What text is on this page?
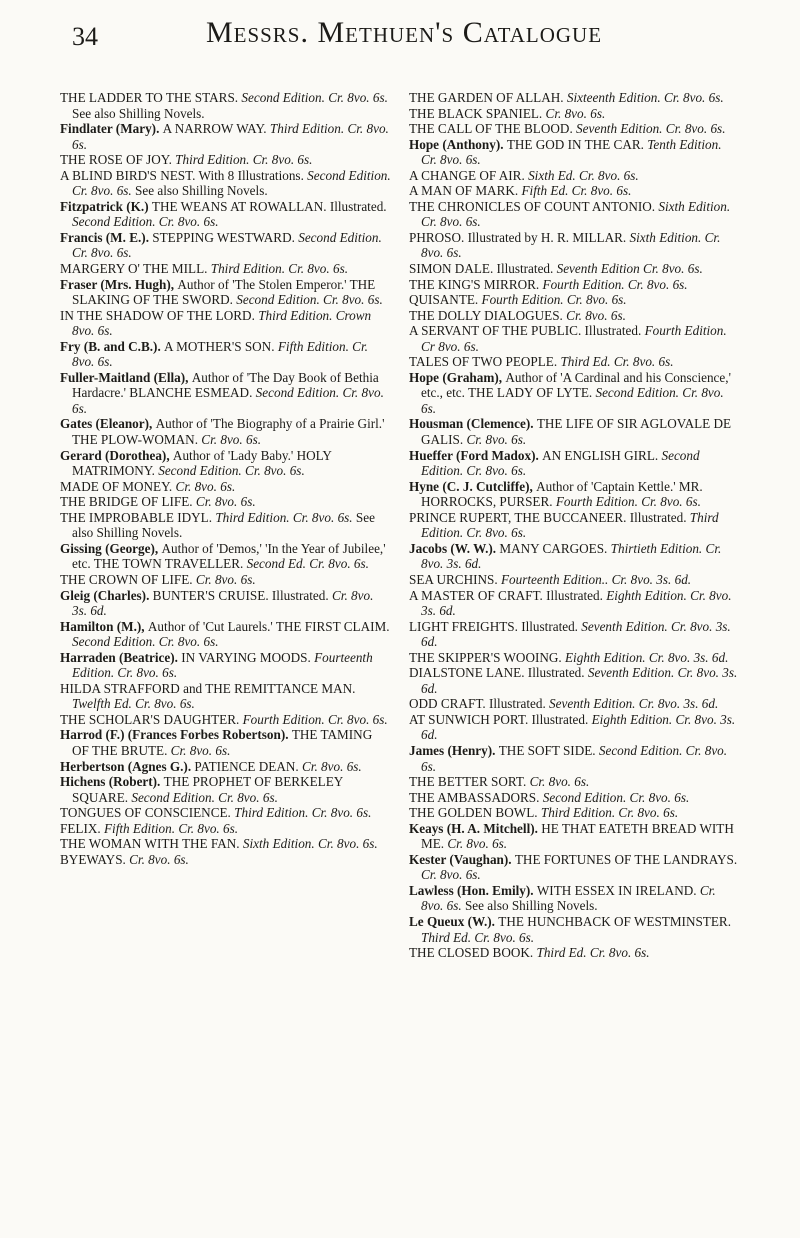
34	Messrs. Methuen's Catalogue

THE LADDER TO THE STARS. Second Edition. Cr. 8vo. 6s. See also Shilling Novels.

Findlater (Mary). A NARROW WAY. Third Edition. Cr. 8vo. 6s.

THE ROSE OF JOY. Third Edition. Cr. 8vo. 6s.

A BLIND BIRD'S NEST. With 8 Illustrations. Second Edition. Cr. 8vo. 6s. See also Shilling Novels.

Fitzpatrick (K.) THE WEANS AT ROWALLAN. Illustrated. Second Edition. Cr. 8vo. 6s.

Francis (M. E.). STEPPING WESTWARD. Second Edition. Cr. 8vo. 6s.

MARGERY O' THE MILL. Third Edition. Cr. 8vo. 6s.

Fraser (Mrs. Hugh), Author of 'The Stolen Emperor.' THE SLAKING OF THE SWORD. Second Edition. Cr. 8vo. 6s.

IN THE SHADOW OF THE LORD. Third Edition. Crown 8vo. 6s.

Fry (B. and C.B.). A MOTHER'S SON. Fifth Edition. Cr. 8vo. 6s.

Fuller-Maitland (Ella), Author of 'The Day Book of Bethia Hardacre.' BLANCHE ESMEAD. Second Edition. Cr. 8vo. 6s.

Gates (Eleanor), Author of 'The Biography of a Prairie Girl.' THE PLOW-WOMAN. Cr. 8vo. 6s.

Gerard (Dorothea), Author of 'Lady Baby.' HOLY MATRIMONY. Second Edition. Cr. 8vo. 6s.

MADE OF MONEY. Cr. 8vo. 6s.

THE BRIDGE OF LIFE. Cr. 8vo. 6s.

THE IMPROBABLE IDYL. Third Edition. Cr. 8vo. 6s. See also Shilling Novels.

Gissing (George), Author of 'Demos,' 'In the Year of Jubilee,' etc. THE TOWN TRAVELLER. Second Ed. Cr. 8vo. 6s.

THE CROWN OF LIFE. Cr. 8vo. 6s.

Gleig (Charles). BUNTER'S CRUISE. Illustrated. Cr. 8vo. 3s. 6d.

Hamilton (M.), Author of 'Cut Laurels.' THE FIRST CLAIM. Second Edition. Cr. 8vo. 6s.

Harraden (Beatrice). IN VARYING MOODS. Fourteenth Edition. Cr. 8vo. 6s.

HILDA STRAFFORD and THE REMITTANCE MAN. Twelfth Ed. Cr. 8vo. 6s.

THE SCHOLAR'S DAUGHTER. Fourth Edition. Cr. 8vo. 6s.

Harrod (F.) (Frances Forbes Robertson). THE TAMING OF THE BRUTE. Cr. 8vo. 6s.

Herbertson (Agnes G.). PATIENCE DEAN. Cr. 8vo. 6s.

Hichens (Robert). THE PROPHET OF BERKELEY SQUARE. Second Edition. Cr. 8vo. 6s.

TONGUES OF CONSCIENCE. Third Edition. Cr. 8vo. 6s.

FELIX. Fifth Edition. Cr. 8vo. 6s.

THE WOMAN WITH THE FAN. Sixth Edition. Cr. 8vo. 6s.

BYEWAYS. Cr. 8vo. 6s.

THE GARDEN OF ALLAH. Sixteenth Edition. Cr. 8vo. 6s.

THE BLACK SPANIEL. Cr. 8vo. 6s.

THE CALL OF THE BLOOD. Seventh Edition. Cr. 8vo. 6s.

Hope (Anthony). THE GOD IN THE CAR. Tenth Edition. Cr. 8vo. 6s.

A CHANGE OF AIR. Sixth Ed. Cr. 8vo. 6s.

A MAN OF MARK. Fifth Ed. Cr. 8vo. 6s.

THE CHRONICLES OF COUNT ANTONIO. Sixth Edition. Cr. 8vo. 6s.

PHROSO. Illustrated by H. R. MILLAR. Sixth Edition. Cr. 8vo. 6s.

SIMON DALE. Illustrated. Seventh Edition Cr. 8vo. 6s.

THE KING'S MIRROR. Fourth Edition. Cr. 8vo. 6s.

QUISANTE. Fourth Edition. Cr. 8vo. 6s.

THE DOLLY DIALOGUES. Cr. 8vo. 6s.

A SERVANT OF THE PUBLIC. Illustrated. Fourth Edition. Cr 8vo. 6s.

TALES OF TWO PEOPLE. Third Ed. Cr. 8vo. 6s.

Hope (Graham), Author of 'A Cardinal and his Conscience,' etc., etc. THE LADY OF LYTE. Second Edition. Cr. 8vo. 6s.

Housman (Clemence). THE LIFE OF SIR AGLOVALE DE GALIS. Cr. 8vo. 6s.

Hueffer (Ford Madox). AN ENGLISH GIRL. Second Edition. Cr. 8vo. 6s.

Hyne (C. J. Cutcliffe), Author of 'Captain Kettle.' MR. HORROCKS, PURSER. Fourth Edition. Cr. 8vo. 6s.

PRINCE RUPERT, THE BUCCANEER. Illustrated. Third Edition. Cr. 8vo. 6s.

Jacobs (W. W.). MANY CARGOES. Thirtieth Edition. Cr. 8vo. 3s. 6d.

SEA URCHINS. Fourteenth Edition.. Cr. 8vo. 3s. 6d.

A MASTER OF CRAFT. Illustrated. Eighth Edition. Cr. 8vo. 3s. 6d.

LIGHT FREIGHTS. Illustrated. Seventh Edition. Cr. 8vo. 3s. 6d.

THE SKIPPER'S WOOING. Eighth Edition. Cr. 8vo. 3s. 6d.

DIALSTONE LANE. Illustrated. Seventh Edition. Cr. 8vo. 3s. 6d.

ODD CRAFT. Illustrated. Seventh Edition. Cr. 8vo. 3s. 6d.

AT SUNWICH PORT. Illustrated. Eighth Edition. Cr. 8vo. 3s. 6d.

James (Henry). THE SOFT SIDE. Second Edition. Cr. 8vo. 6s.

THE BETTER SORT. Cr. 8vo. 6s.

THE AMBASSADORS. Second Edition. Cr. 8vo. 6s.

THE GOLDEN BOWL. Third Edition. Cr. 8vo. 6s.

Keays (H. A. Mitchell). HE THAT EATETH BREAD WITH ME. Cr. 8vo. 6s.

Kester (Vaughan). THE FORTUNES OF THE LANDRAYS. Cr. 8vo. 6s.

Lawless (Hon. Emily). WITH ESSEX IN IRELAND. Cr. 8vo. 6s. See also Shilling Novels.

Le Queux (W.). THE HUNCHBACK OF WESTMINSTER. Third Ed. Cr. 8vo. 6s.

THE CLOSED BOOK. Third Ed. Cr. 8vo. 6s.
